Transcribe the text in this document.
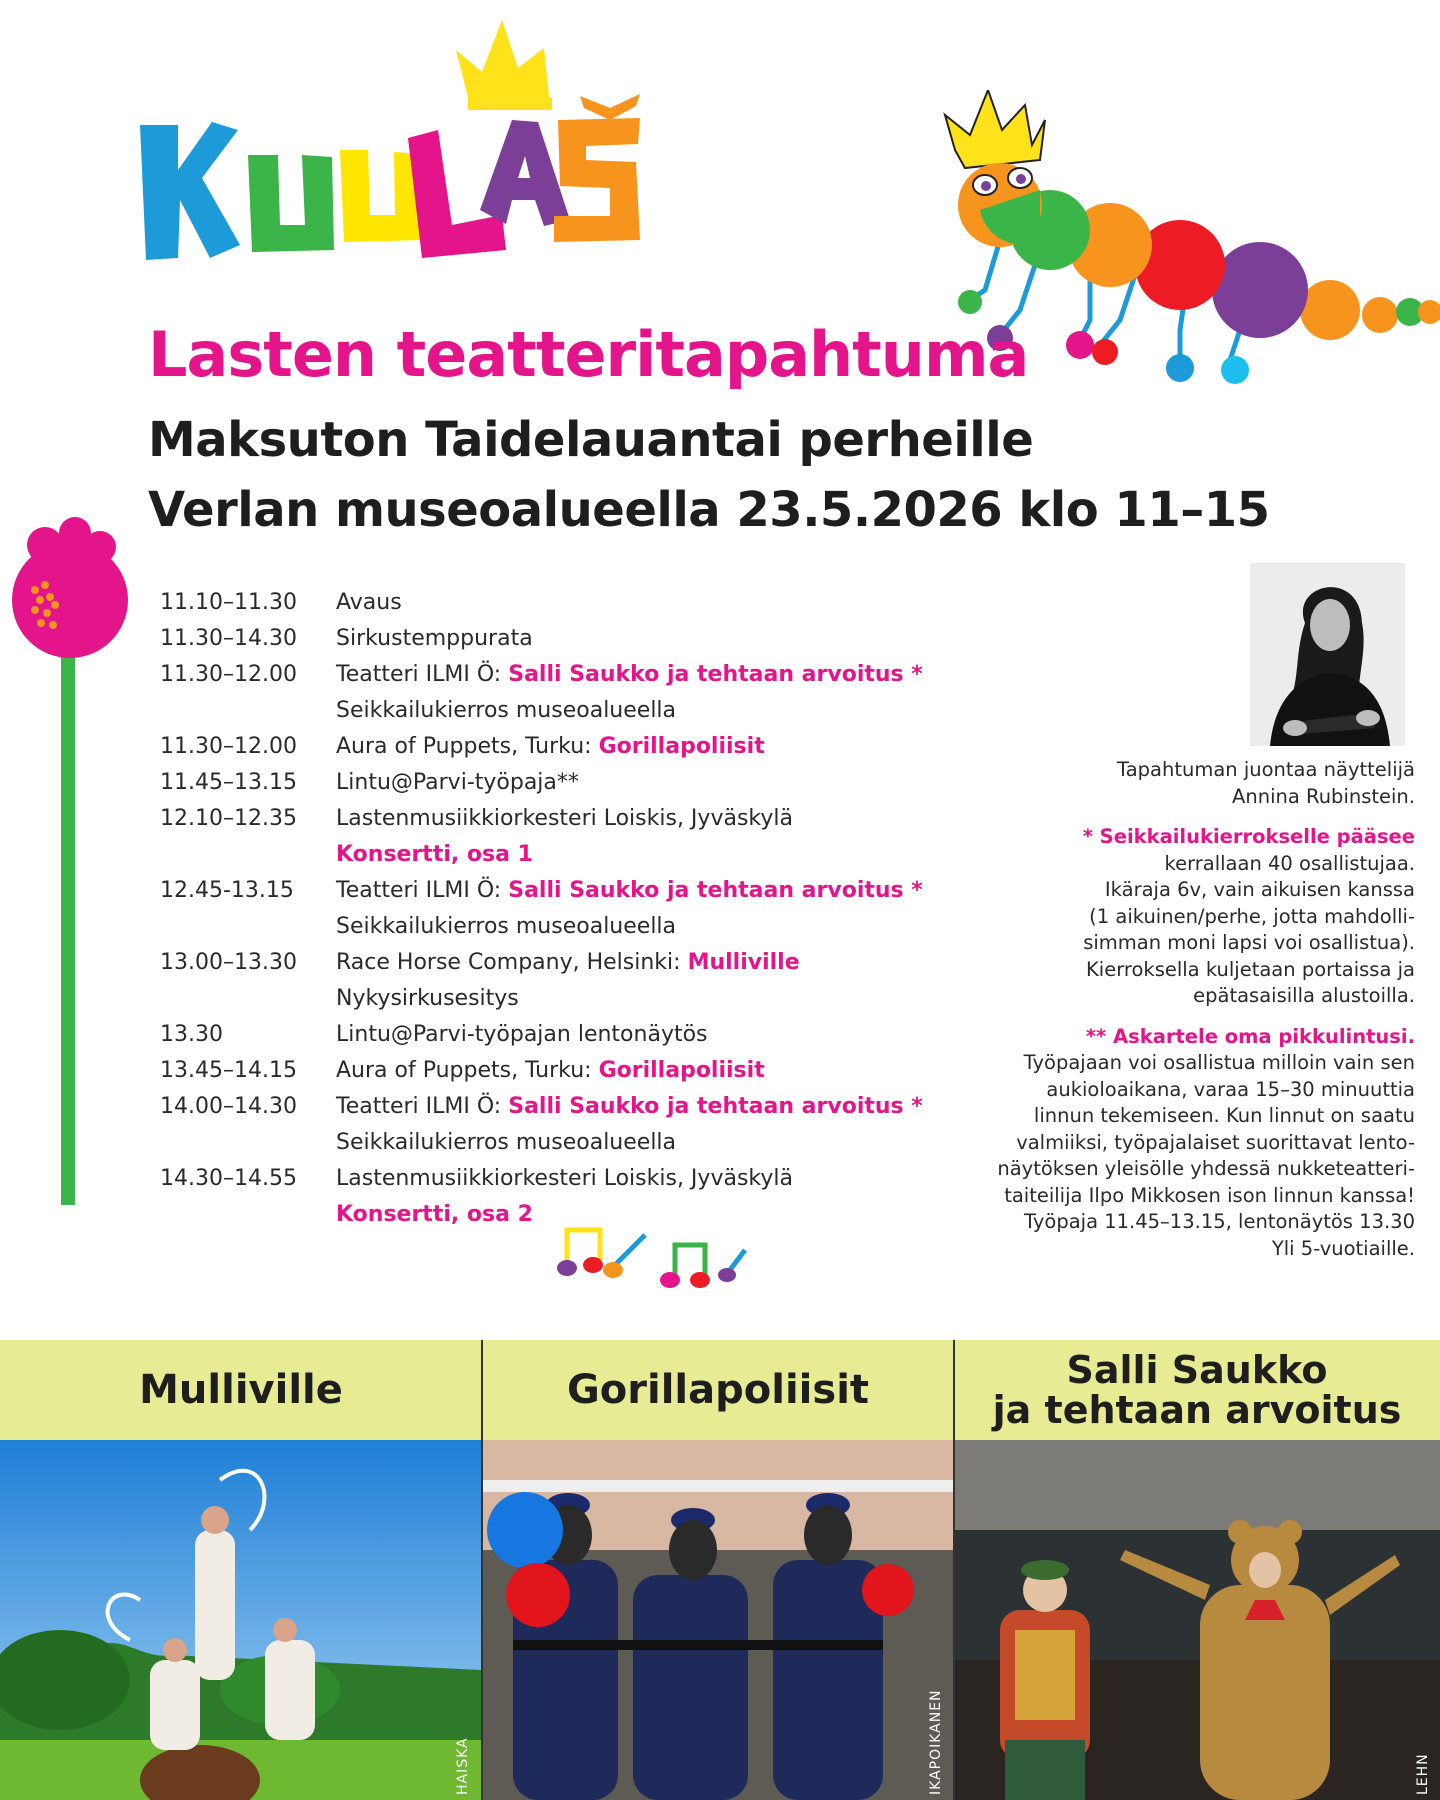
Lasten teatteritapahtuma
Maksuton Taidelauantai perheille
Verlan museoalueella 23.5.2026 klo 11–15
11.10–11.30	Avaus
11.30–14.30	Sirkustemppurata
11.30–12.00	Teatteri ILMI Ö:
Salli Saukko ja tehtaan arvoitus *
Seikkailukierros museoalueella
11.30–12.00	Aura of Puppets, Turku:
Gorillapoliisit
11.45–13.15	Lintu@Parvi-työpaja**
12.10–12.35	Lastenmusiikkiorkesteri Loiskis, Jyväskylä
Konsertti, osa 1
12.45-13.15	Teatteri ILMI Ö:
Salli Saukko ja tehtaan arvoitus *
Seikkailukierros museoalueella
13.00–13.30	Race Horse Company, Helsinki:
Mulliville
Nykysirkusesitys
13.30	Lintu@Parvi-työpajan lentonäytös
13.45–14.15	Aura of Puppets, Turku:
Gorillapoliisit
14.00–14.30	Teatteri ILMI Ö:
Salli Saukko ja tehtaan arvoitus *
Seikkailukierros museoalueella
14.30–14.55	Lastenmusiikkiorkesteri Loiskis, Jyväskylä
Konsertti, osa 2

Tapahtuman juontaa näyttelijä

Annina Rubinstein.

* Seikkailukierrokselle pääsee

kerrallaan 40 osallistujaa.

Ikäraja 6v, vain aikuisen kanssa

(1 aikuinen/perhe, jotta mahdolli-

simman moni lapsi voi osallistua).

Kierroksella kuljetaan portaissa ja

epätasaisilla alustoilla.

** Askartele oma pikkulintusi.

Työpajaan voi osallistua milloin vain sen

aukioloaikana, varaa 15–30 minuuttia

linnun tekemiseen. Kun linnut on saatu

valmiiksi, työpajalaiset suorittavat lento-

näytöksen yleisölle yhdessä nukketeatteri-

taiteilija Ilpo Mikkosen ison linnun kanssa!

Työpaja 11.45–13.15, lentonäytös 13.30

Yli 5-vuotiaille.

Mulliville	Gorillapoliisit	Salli Saukko
ja tehtaan arvoitus
HAISKA	IKAPOIKANEN	LEHN
